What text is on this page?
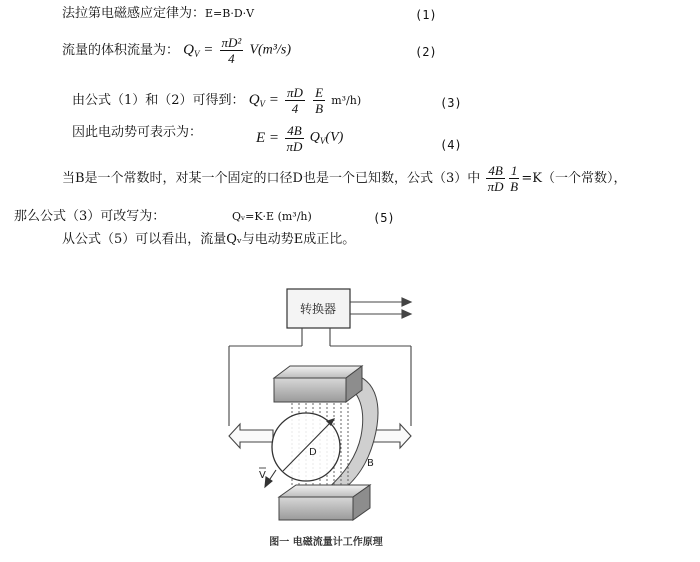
法拉第电磁感应定律为：E=B·D·V	(1)
流量的体积流量为： $Q_V = \frac{\text{πD²}}{4} V(m^3/s)$	(2)
由公式（1）和（2）可得到： $Q_V = \frac{\pi D}{4}$
$\frac{E}{B} m^3/h$)	(3)
因此电动势可表示为：	$E = \frac{4B}{\pi D} Q_V(V)$	(4)
当B是一个常数时，对某一个固定的口径D也是一个已知数，公式（3）中 $\frac{4B}{\pi D} \frac{1}{B} =K$（一个常数），
那么公式（3）可改写为：	Qᵥ=K·E (m³/h)	(5)
从公式（5）可以看出，流量Qᵥ与电动势E成正比。
转换器
D
V
B
图一 电磁流量计工作原理
